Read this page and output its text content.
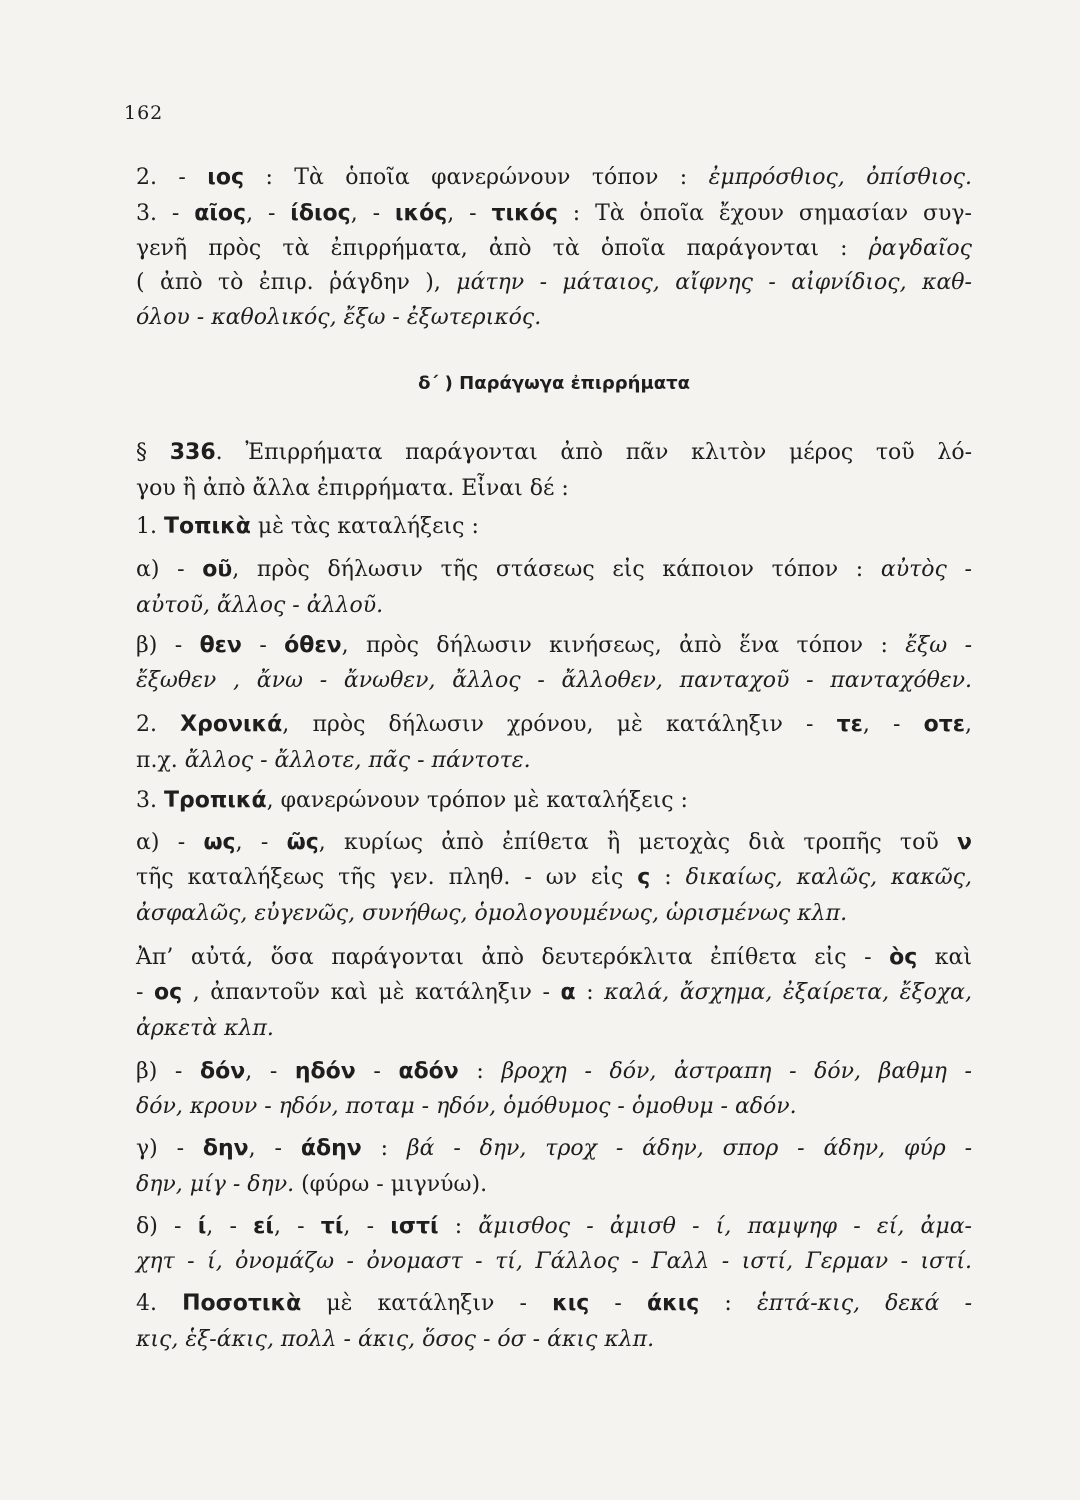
162
2. - ιος : Τὰ ὁποῖα φανερώνουν τόπον : ἐμπρόσθιος, ὀπίσθιος.
3. - αῖος, - ίδιος, - ικός, - τικός : Τὰ ὁποῖα ἔχουν σημασίαν συγ-
γενῆ πρὸς τὰ ἐπιρρήματα, ἀπὸ τὰ ὁποῖα παράγονται : ῥαγδαῖος
( ἀπὸ τὸ ἐπιρ. ῥάγδην ), μάτην - μάταιος, αἴφνης - αἰφνίδιος, καθ-
όλου - καθολικός, ἔξω - ἐξωτερικός.
δ΄ ) Παράγωγα ἐπιρρήματα
§ 336. Ἐπιρρήματα παράγονται ἀπὸ πᾶν κλιτὸν μέρος τοῦ λό-
γου ἢ ἀπὸ ἄλλα ἐπιρρήματα. Εἶναι δέ :
1. Τοπικὰ μὲ τὰς καταλήξεις :
α) - οῦ, πρὸς δήλωσιν τῆς στάσεως εἰς κάποιον τόπον : αὐτὸς -
αὐτοῦ, ἄλλος - ἀλλοῦ.
β) - θεν - όθεν, πρὸς δήλωσιν κινήσεως, ἀπὸ ἕνα τόπον : ἔξω -
ἔξωθεν , ἄνω - ἄνωθεν, ἄλλος - ἄλλοθεν, πανταχοῦ - πανταχόθεν.
2. Χρονικά, πρὸς δήλωσιν χρόνου, μὲ κατάληξιν - τε, - οτε,
π.χ. ἄλλος - ἄλλοτε, πᾶς - πάντοτε.
3. Τροπικά, φανερώνουν τρόπον μὲ καταλήξεις :
α) - ως, - ῶς, κυρίως ἀπὸ ἐπίθετα ἢ μετοχὰς διὰ τροπῆς τοῦ ν
τῆς καταλήξεως τῆς γεν. πληθ. - ων εἰς ς : δικαίως, καλῶς, κακῶς,
ἀσφαλῶς, εὐγενῶς, συνήθως, ὁμολογουμένως, ὡρισμένως κλπ.
Ἀπ’ αὐτά, ὅσα παράγονται ἀπὸ δευτερόκλιτα ἐπίθετα εἰς - ὸς καὶ
- ος , ἀπαντοῦν καὶ μὲ κατάληξιν - α : καλά, ἄσχημα, ἐξαίρετα, ἔξοχα,
ἀρκετὰ κλπ.
β) - δόν, - ηδόν - αδόν : βροχη - δόν, ἀστραπη - δόν, βαθμη -
δόν, κρουν - ηδόν, ποταμ - ηδόν, ὁμόθυμος - ὁμοθυμ - αδόν.
γ) - δην, - άδην : βά - δην, τροχ - άδην, σπορ - άδην, φύρ -
δην, μίγ - δην. (φύρω - μιγνύω).
δ) - ί, - εί, - τί, - ιστί : ἄμισθος - ἀμισθ - ί, παμψηφ - εί, ἀμα-
χητ - ί, ὀνομάζω - ὀνομαστ - τί, Γάλλος - Γαλλ - ιστί, Γερμαν - ιστί.
4. Ποσοτικὰ μὲ κατάληξιν - κις - άκις : ἑπτά-κις, δεκά -
κις, ἑξ-άκις, πολλ - άκις, ὅσος - όσ - άκις κλπ.
